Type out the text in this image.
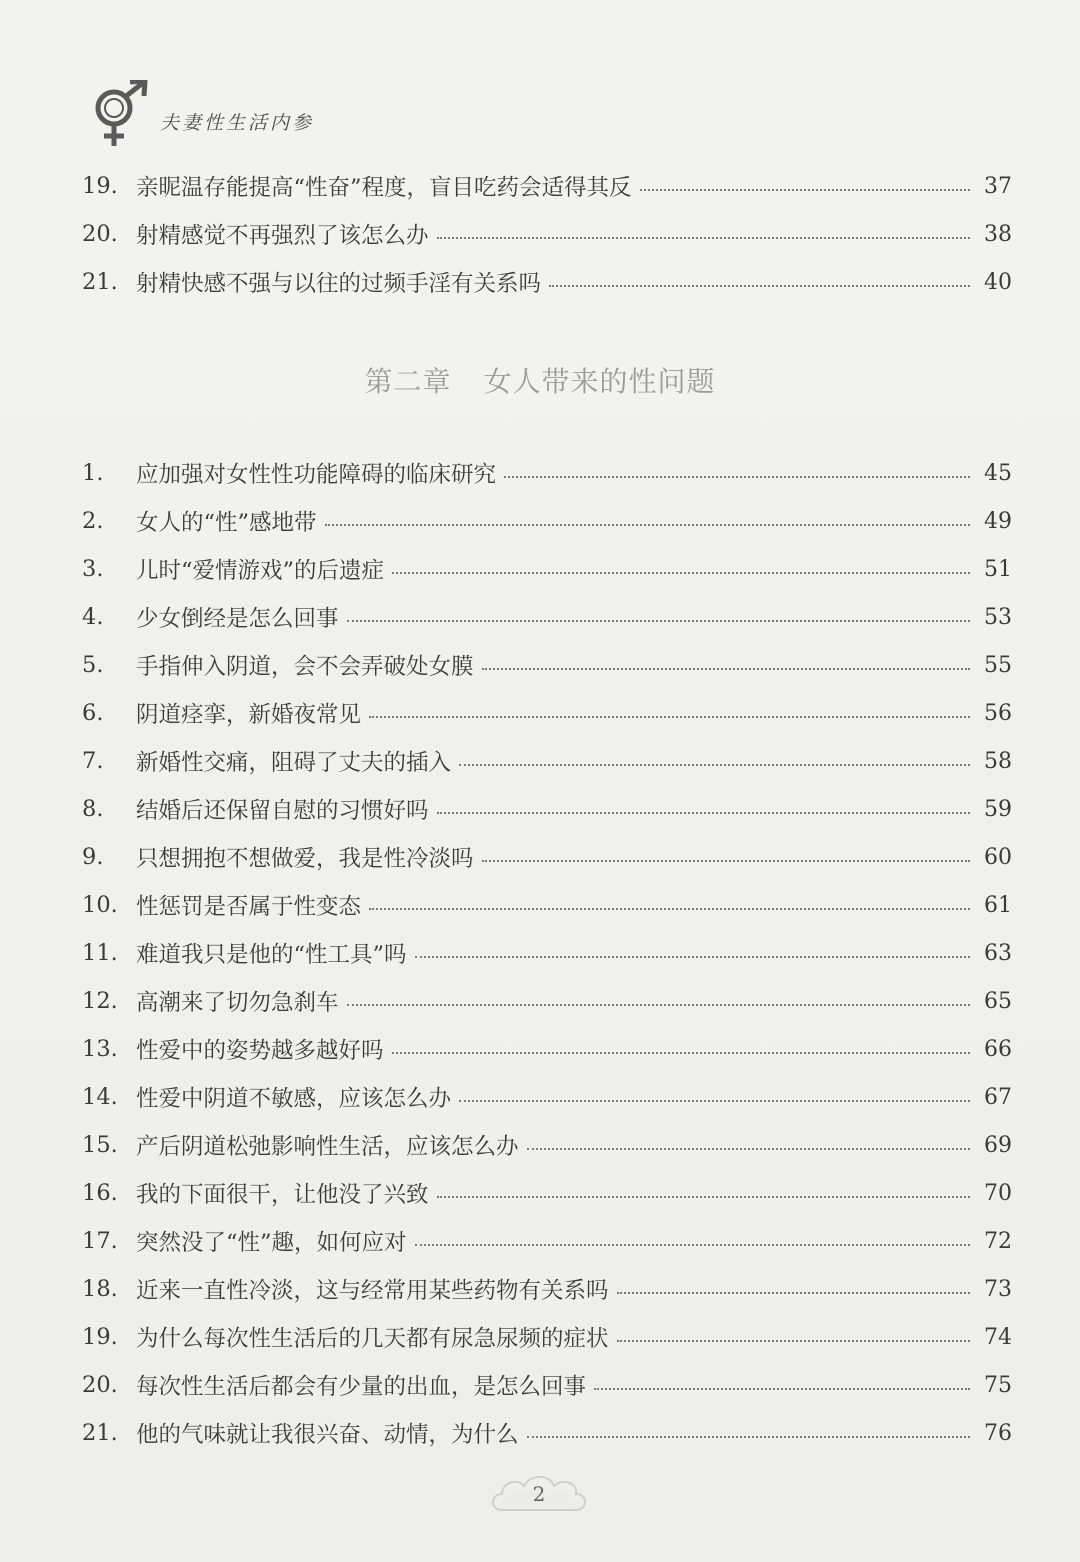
夫妻性生活内参
19. 亲昵温存能提高“性奋”程度，盲目吃药会适得其反	37
20. 射精感觉不再强烈了该怎么办	38
21. 射精快感不强与以往的过频手淫有关系吗	40
第二章 女人带来的性问题
1.	应加强对女性性功能障碍的临床研究	45
2.	女人的“性”感地带	49
3.	儿时“爱情游戏”的后遗症	51
4.	少女倒经是怎么回事	53
5.	手指伸入阴道，会不会弄破处女膜	55
6.	阴道痉挛，新婚夜常见	56
7.	新婚性交痛，阻碍了丈夫的插入	58
8.	结婚后还保留自慰的习惯好吗	59
9.	只想拥抱不想做爱，我是性冷淡吗	60
10. 性惩罚是否属于性变态	61
11. 难道我只是他的“性工具”吗	63
12. 高潮来了切勿急刹车	65
13. 性爱中的姿势越多越好吗	66
14. 性爱中阴道不敏感，应该怎么办	67
15. 产后阴道松弛影响性生活，应该怎么办	69
16. 我的下面很干，让他没了兴致	70
17. 突然没了“性”趣，如何应对	72
18. 近来一直性冷淡，这与经常用某些药物有关系吗	73
19. 为什么每次性生活后的几天都有尿急尿频的症状	74
20. 每次性生活后都会有少量的出血，是怎么回事	75
21. 他的气味就让我很兴奋、动情，为什么	76
2
